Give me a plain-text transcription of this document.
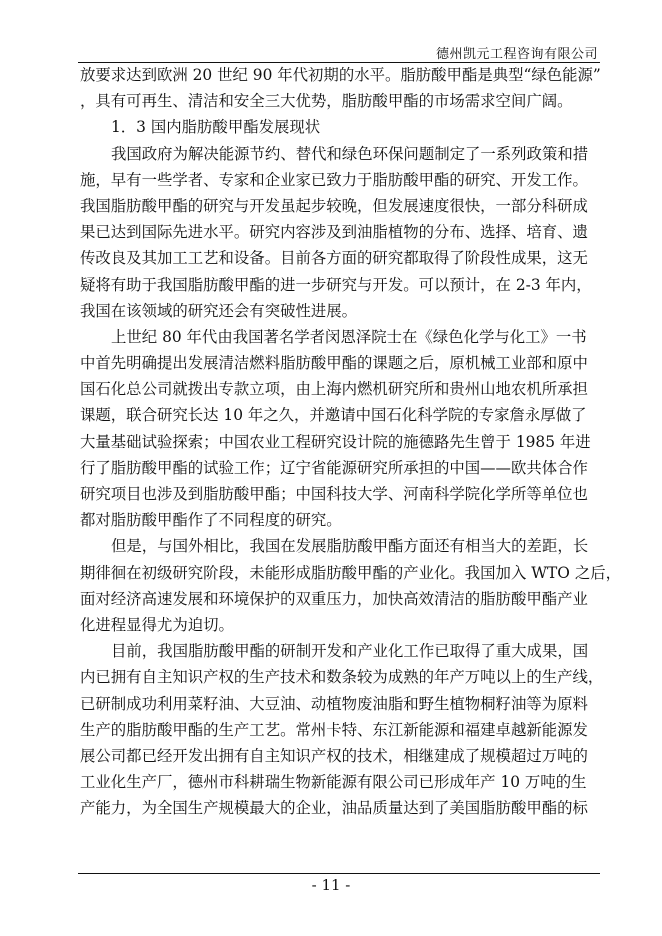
德州凯元工程咨询有限公司
放要求达到欧洲 20 世纪 90 年代初期的水平。脂肪酸甲酯是典型“绿色能源”
，具有可再生、清洁和安全三大优势，脂肪酸甲酯的市场需求空间广阔。
1．3 国内脂肪酸甲酯发展现状
我国政府为解决能源节约、替代和绿色环保问题制定了一系列政策和措
施，早有一些学者、专家和企业家已致力于脂肪酸甲酯的研究、开发工作。
我国脂肪酸甲酯的研究与开发虽起步较晚，但发展速度很快，一部分科研成
果已达到国际先进水平。研究内容涉及到油脂植物的分布、选择、培育、遗
传改良及其加工工艺和设备。目前各方面的研究都取得了阶段性成果，这无
疑将有助于我国脂肪酸甲酯的进一步研究与开发。可以预计，在 2-3 年内，
我国在该领域的研究还会有突破性进展。
上世纪 80 年代由我国著名学者闵恩泽院士在《绿色化学与化工》一书
中首先明确提出发展清洁燃料脂肪酸甲酯的课题之后，原机械工业部和原中
国石化总公司就拨出专款立项，由上海内燃机研究所和贵州山地农机所承担
课题，联合研究长达 10 年之久，并邀请中国石化科学院的专家詹永厚做了
大量基础试验探索；中国农业工程研究设计院的施德路先生曾于 1985 年进
行了脂肪酸甲酯的试验工作；辽宁省能源研究所承担的中国——欧共体合作
研究项目也涉及到脂肪酸甲酯；中国科技大学、河南科学院化学所等单位也
都对脂肪酸甲酯作了不同程度的研究。
但是，与国外相比，我国在发展脂肪酸甲酯方面还有相当大的差距，长
期徘徊在初级研究阶段，未能形成脂肪酸甲酯的产业化。我国加入 WTO 之后，
面对经济高速发展和环境保护的双重压力，加快高效清洁的脂肪酸甲酯产业
化进程显得尤为迫切。
目前，我国脂肪酸甲酯的研制开发和产业化工作已取得了重大成果，国
内已拥有自主知识产权的生产技术和数条较为成熟的年产万吨以上的生产线，
已研制成功利用菜籽油、大豆油、动植物废油脂和野生植物桐籽油等为原料
生产的脂肪酸甲酯的生产工艺。常州卡特、东江新能源和福建卓越新能源发
展公司都已经开发出拥有自主知识产权的技术，相继建成了规模超过万吨的
工业化生产厂，德州市科耕瑞生物新能源有限公司已形成年产 10 万吨的生
产能力，为全国生产规模最大的企业，油品质量达到了美国脂肪酸甲酯的标
- 11 -
